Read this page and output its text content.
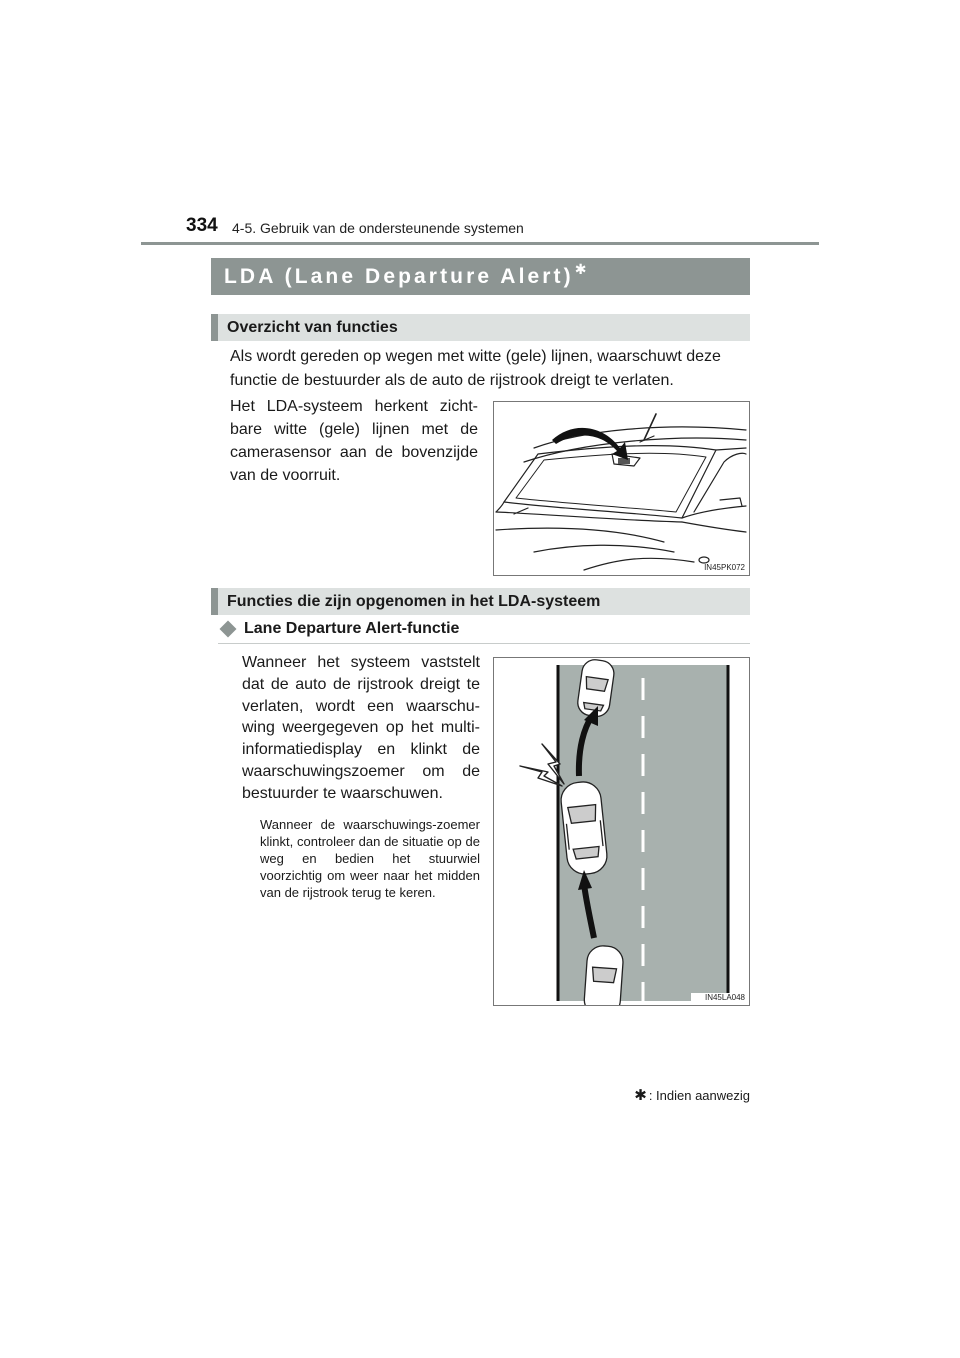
334 4-5. Gebruik van de ondersteunende systemen
LDA (Lane Departure Alert)✱
Overzicht van functies
Als wordt gereden op wegen met witte (gele) lijnen, waarschuwt deze functie de bestuurder als de auto de rijstrook dreigt te verlaten.
Het LDA-systeem herkent zicht-bare witte (gele) lijnen met de camerasensor aan de bovenzijde van de voorruit.
IN45PK072
Functies die zijn opgenomen in het LDA-systeem
Lane Departure Alert-functie
Wanneer het systeem vaststelt dat de auto de rijstrook dreigt te verlaten, wordt een waarschu-wing weergegeven op het multi-informatiedisplay en klinkt de waarschuwingszoemer om de bestuurder te waarschuwen.
Wanneer de waarschuwings-zoemer klinkt, controleer dan de situatie op de weg en bedien het stuurwiel voorzichtig om weer naar het midden van de rijstrook terug te keren.
IN45LA048
✱ : Indien aanwezig
